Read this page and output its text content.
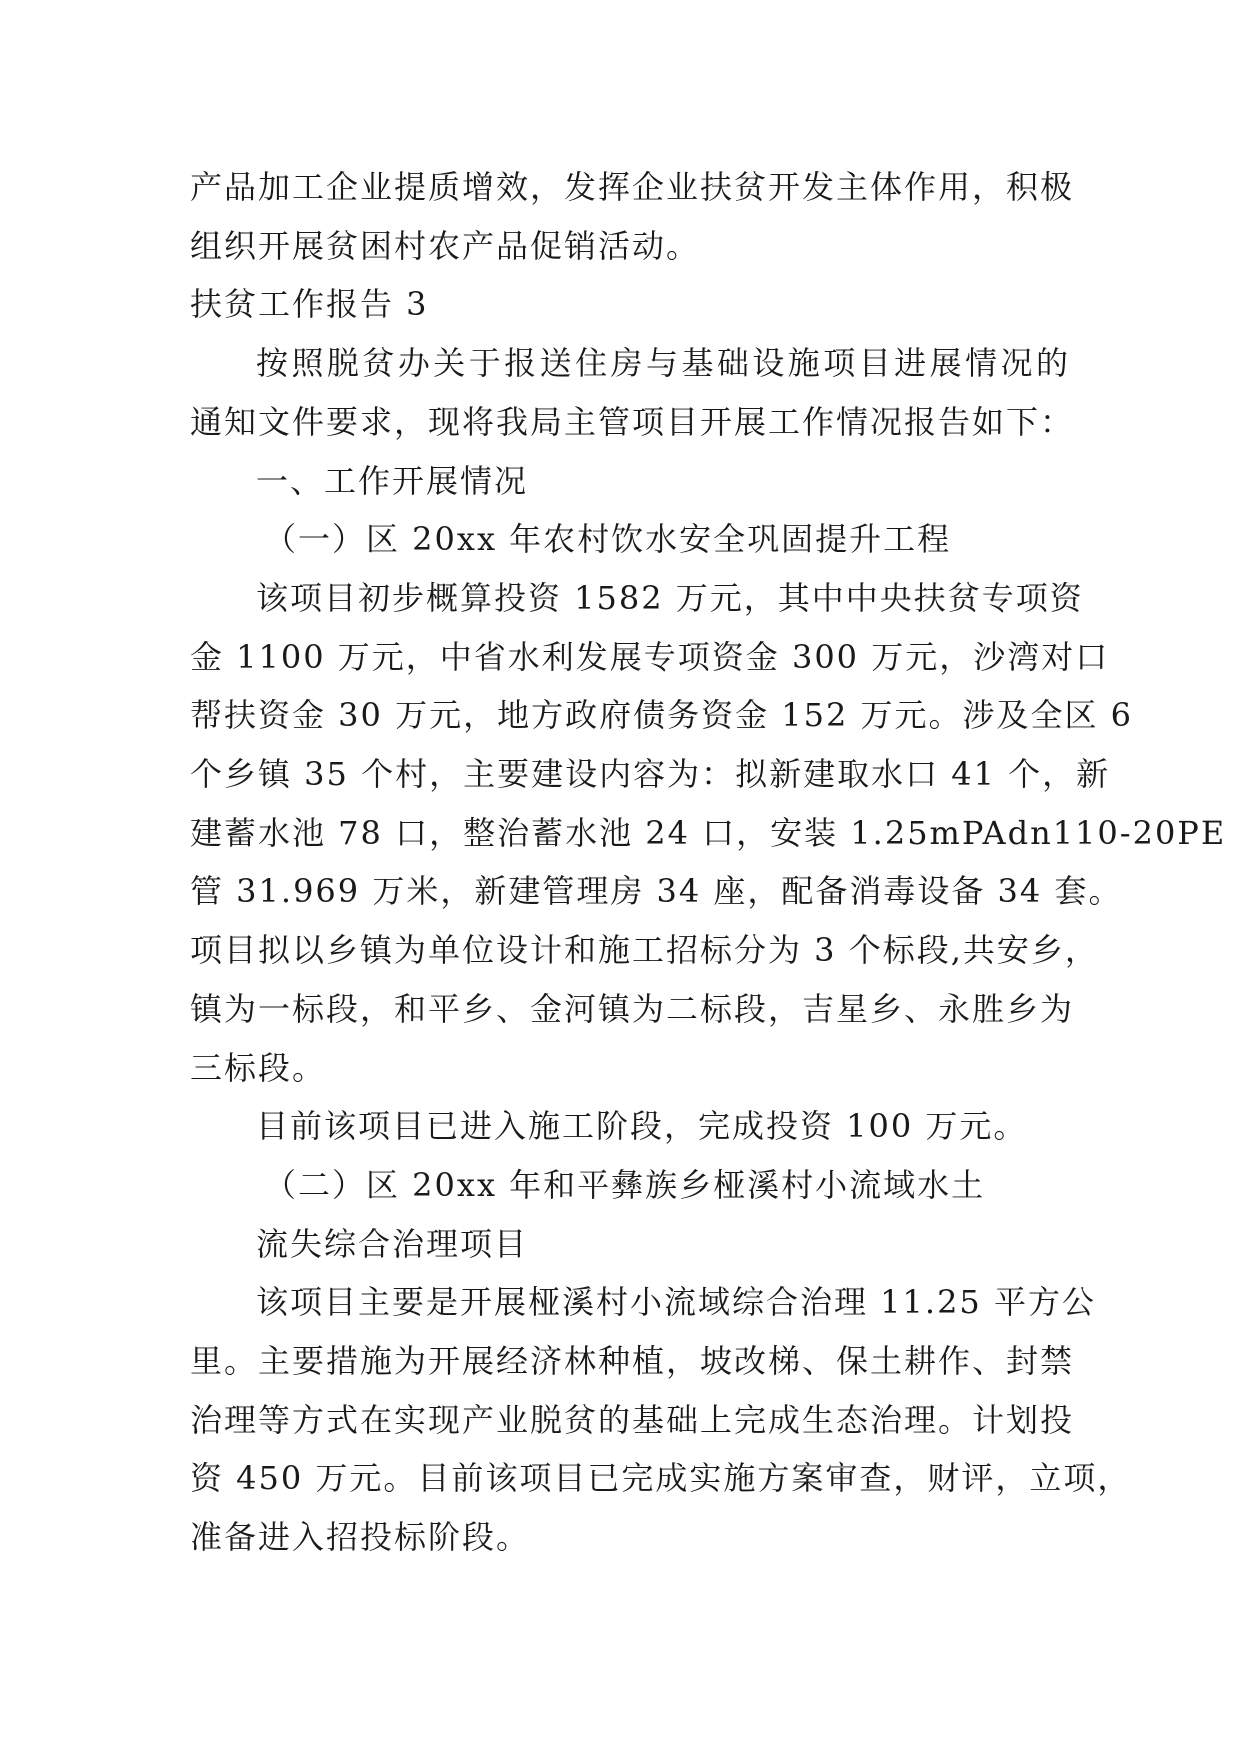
产品加工企业提质增效，发挥企业扶贫开发主体作用，积极
组织开展贫困村农产品促销活动。
扶贫工作报告 3
按照脱贫办关于报送住房与基础设施项目进展情况的
通知文件要求，现将我局主管项目开展工作情况报告如下：
一、工作开展情况
（一）区 20xx 年农村饮水安全巩固提升工程
该项目初步概算投资 1582 万元，其中中央扶贫专项资
金 1100 万元，中省水利发展专项资金 300 万元，沙湾对口
帮扶资金 30 万元，地方政府债务资金 152 万元。涉及全区 6
个乡镇 35 个村，主要建设内容为：拟新建取水口 41 个，新
建蓄水池 78 口，整治蓄水池 24 口，安装 1.25mPAdn110-20PE
管 31.969 万米，新建管理房 34 座，配备消毒设备 34 套。
项目拟以乡镇为单位设计和施工招标分为 3 个标段,共安乡，
镇为一标段，和平乡、金河镇为二标段，吉星乡、永胜乡为
三标段。
目前该项目已进入施工阶段，完成投资 100 万元。
（二）区 20xx 年和平彝族乡桠溪村小流域水土
流失综合治理项目
该项目主要是开展桠溪村小流域综合治理 11.25 平方公
里。主要措施为开展经济林种植，坡改梯、保土耕作、封禁
治理等方式在实现产业脱贫的基础上完成生态治理。计划投
资 450 万元。目前该项目已完成实施方案审查，财评，立项，
准备进入招投标阶段。
